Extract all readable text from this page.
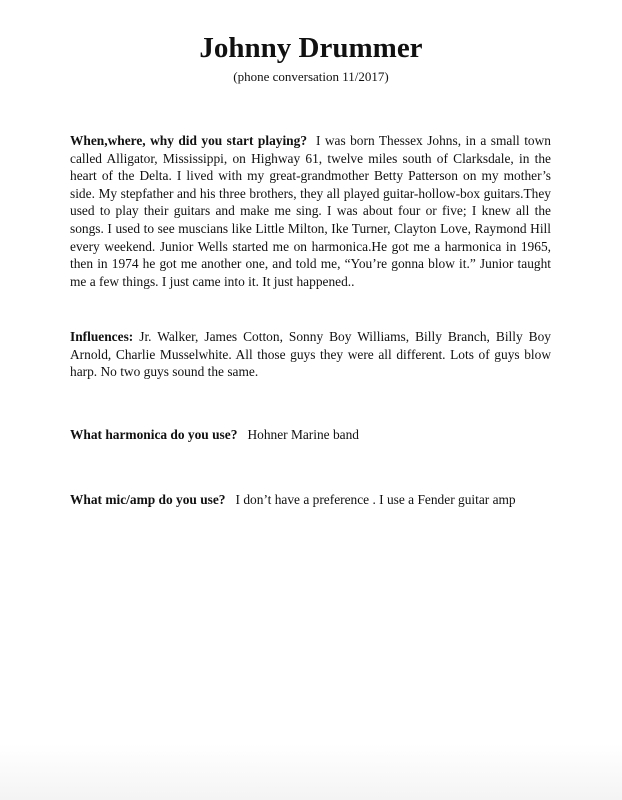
Johnny Drummer
(phone conversation 11/2017)

When,where, why did you start playing? I was born Thessex Johns, in a small town called Alligator, Mississippi, on Highway 61, twelve miles south of Clarksdale, in the heart of the Delta. I lived with my great-grandmother Betty Patterson on my mother’s side. My stepfather and his three brothers, they all played guitar-hollow-box guitars.They used to play their guitars and make me sing. I was about four or five; I knew all the songs. I used to see muscians like Little Milton, Ike Turner, Clayton Love, Raymond Hill every weekend. Junior Wells started me on harmonica.He got me a harmonica in 1965, then in 1974 he got me another one, and told me, “You’re gonna blow it.” Junior taught me a few things. I just came into it. It just happened..

Influences: Jr. Walker, James Cotton, Sonny Boy Williams, Billy Branch, Billy Boy Arnold, Charlie Musselwhite. All those guys they were all different. Lots of guys blow harp. No two guys sound the same.

What harmonica do you use? Hohner Marine band

What mic/amp do you use? I don’t have a preference . I use a Fender guitar amp
